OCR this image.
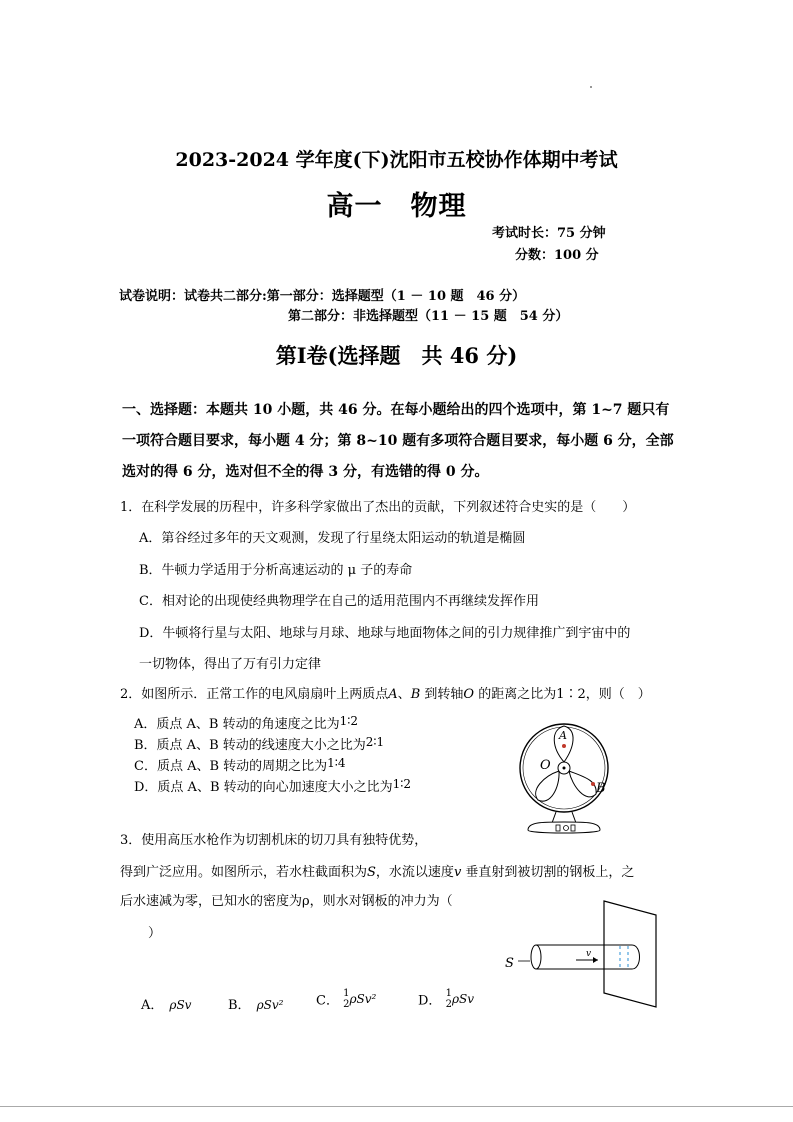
2023-2024 学年度(下)沈阳市五校协作体期中考试
高一 物理
考试时长：75 分钟
分数：100 分
试卷说明：试卷共二部分:第一部分：选择题型（1 － 10 题　46 分）
第二部分：非选择题型（11 － 15 题　54 分）
第Ⅰ卷(选择题　共 46 分)
一、选择题：本题共 10 小题，共 46 分。在每小题给出的四个选项中，第 1~7 题只有一项符合题目要求，每小题 4 分；第 8~10 题有多项符合题目要求，每小题 6 分，全部选对的得 6 分，选对但不全的得 3 分，有选错的得 0 分。
1．在科学发展的历程中，许多科学家做出了杰出的贡献，下列叙述符合史实的是（　　）
A．第谷经过多年的天文观测，发现了行星绕太阳运动的轨道是椭圆
B．牛顿力学适用于分析高速运动的 μ 子的寿命
C．相对论的出现使经典物理学在自己的适用范围内不再继续发挥作用
D．牛顿将行星与太阳、地球与月球、地球与地面物体之间的引力规律推广到宇宙中的
一切物体，得出了万有引力定律
2．如图所示．正常工作的电风扇扇叶上两质点A、B 到转轴O 的距离之比为1∶2，则（　）
A．质点 A、B 转动的角速度之比为1∶2
B．质点 A、B 转动的线速度大小之比为2∶1
C．质点 A、B 转动的周期之比为1∶4
D．质点 A、B 转动的向心加速度大小之比为1∶2
A
O
B
3．使用高压水枪作为切割机床的切刀具有独特优势，
得到广泛应用。如图所示，若水柱截面积为S，水流以速度v 垂直射到被切割的钢板上，之
后水速减为零，已知水的密度为ρ，则水对钢板的冲力为（
）
S
v
A． ρSv	B． ρSv²	C． 1
2 ρSv²	D． 1
2 ρSv
